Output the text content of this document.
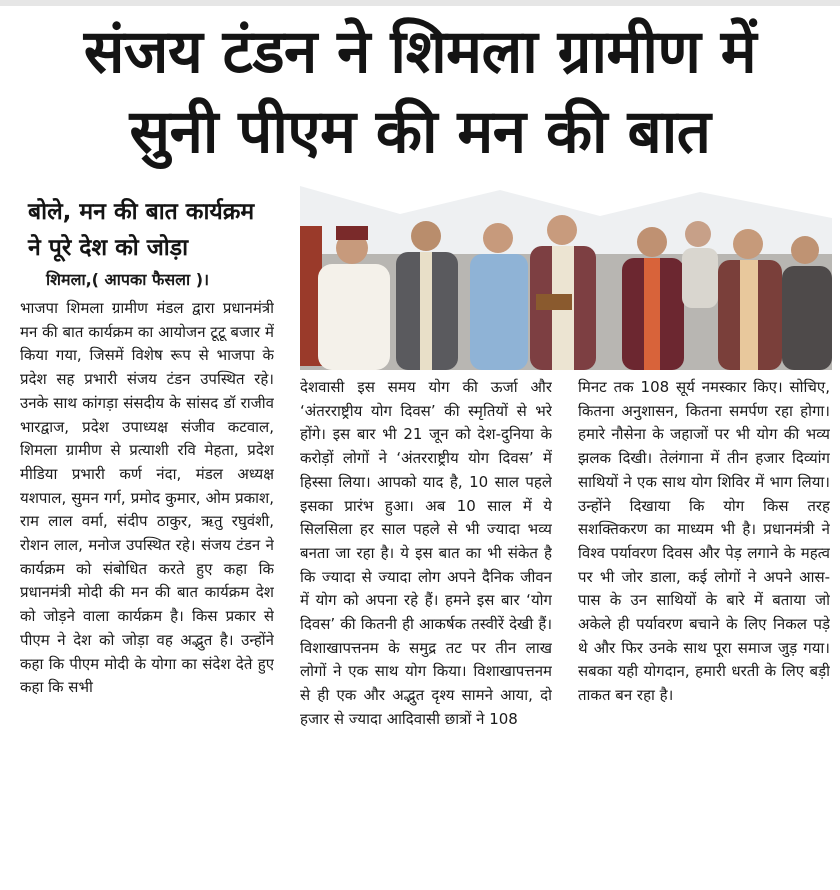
संजय टंडन ने शिमला ग्रामीण में
सुनी पीएम की मन की बात
बोले, मन की बात कार्यक्रम
ने पूरे देश को जोड़ा
शिमला,( आपका फैसला )।

भाजपा शिमला ग्रामीण मंडल द्वारा प्रधानमंत्री मन की बात कार्यक्रम का आयोजन टूटू बजार में किया गया, जिसमें विशेष रूप से भाजपा के प्रदेश सह प्रभारी संजय टंडन उपस्थित रहे। उनके साथ कांगड़ा संसदीय के सांसद डॉ राजीव भारद्वाज, प्रदेश उपाध्यक्ष संजीव कटवाल, शिमला ग्रामीण से प्रत्याशी रवि मेहता, प्रदेश मीडिया प्रभारी कर्ण नंदा, मंडल अध्यक्ष यशपाल, सुमन गर्ग, प्रमोद कुमार, ओम प्रकाश, राम लाल वर्मा, संदीप ठाकुर, ऋतु रघुवंशी, रोशन लाल, मनोज उपस्थित रहे। संजय टंडन ने कार्यक्रम को संबोधित करते हुए कहा कि प्रधानमंत्री मोदी की मन की बात कार्यक्रम देश को जोड़ने वाला कार्यक्रम है। किस प्रकार से पीएम ने देश को जोड़ा वह अद्भुत है। उन्होंने कहा कि पीएम मोदी के योगा का संदेश देते हुए कहा कि सभी

देशवासी इस समय योग की ऊर्जा और ‘अंतरराष्ट्रीय योग दिवस’ की स्मृतियों से भरे होंगे। इस बार भी 21 जून को देश-दुनिया के करोड़ों लोगों ने ‘अंतरराष्ट्रीय योग दिवस’ में हिस्सा लिया। आपको याद है, 10 साल पहले इसका प्रारंभ हुआ। अब 10 साल में ये सिलसिला हर साल पहले से भी ज्यादा भव्य बनता जा रहा है। ये इस बात का भी संकेत है कि ज्यादा से ज्यादा लोग अपने दैनिक जीवन में योग को अपना रहे हैं। हमने इस बार ‘योग दिवस’ की कितनी ही आकर्षक तस्वीरें देखी हैं। विशाखापत्तनम के समुद्र तट पर तीन लाख लोगों ने एक साथ योग किया। विशाखापत्तनम से ही एक और अद्भुत दृश्य सामने आया, दो हजार से ज्यादा आदिवासी छात्रों ने 108

मिनट तक 108 सूर्य नमस्कार किए। सोचिए, कितना अनुशासन, कितना समर्पण रहा होगा। हमारे नौसेना के जहाजों पर भी योग की भव्य झलक दिखी। तेलंगाना में तीन हजार दिव्यांग साथियों ने एक साथ योग शिविर में भाग लिया। उन्होंने दिखाया कि योग किस तरह सशक्तिकरण का माध्यम भी है। प्रधानमंत्री ने विश्व पर्यावरण दिवस और पेड़ लगाने के महत्व पर भी जोर डाला, कई लोगों ने अपने आस-पास के उन साथियों के बारे में बताया जो अकेले ही पर्यावरण बचाने के लिए निकल पड़े थे और फिर उनके साथ पूरा समाज जुड़ गया। सबका यही योगदान, हमारी धरती के लिए बड़ी ताकत बन रहा है।
